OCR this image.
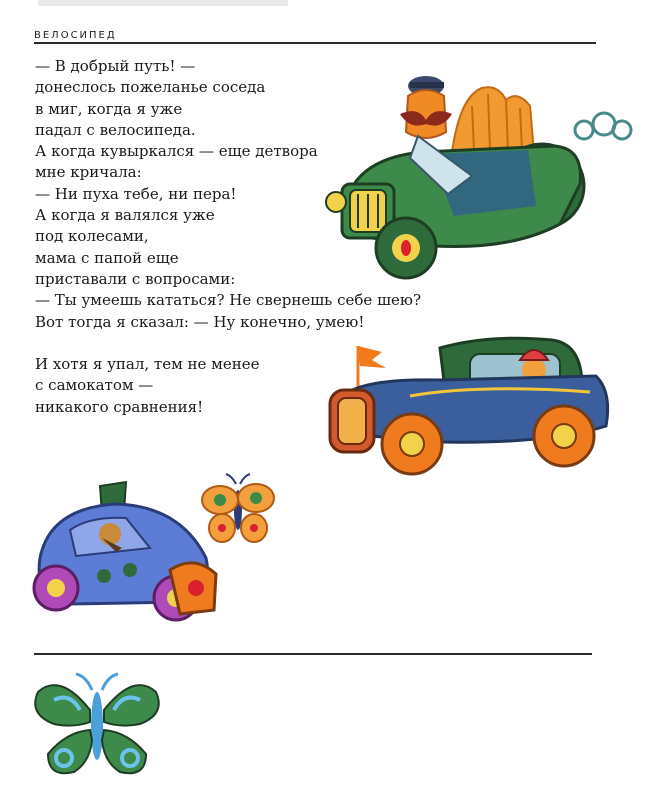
ВЕЛОСИПЕД
— В добрый путь! —
донеслось пожеланье соседа
в миг, когда я уже
падал с велосипеда.
А когда кувыркался — еще детвора
мне кричала:
— Ни пуха тебе, ни пера!
А когда я валялся уже
под колесами,
мама с папой еще
приставали с вопросами:
— Ты умеешь кататься? Не свернешь себе шею?
Вот тогда я сказал: — Ну конечно, умею!
И хотя я упал, тем не менее
с самокатом —
никакого сравнения!
